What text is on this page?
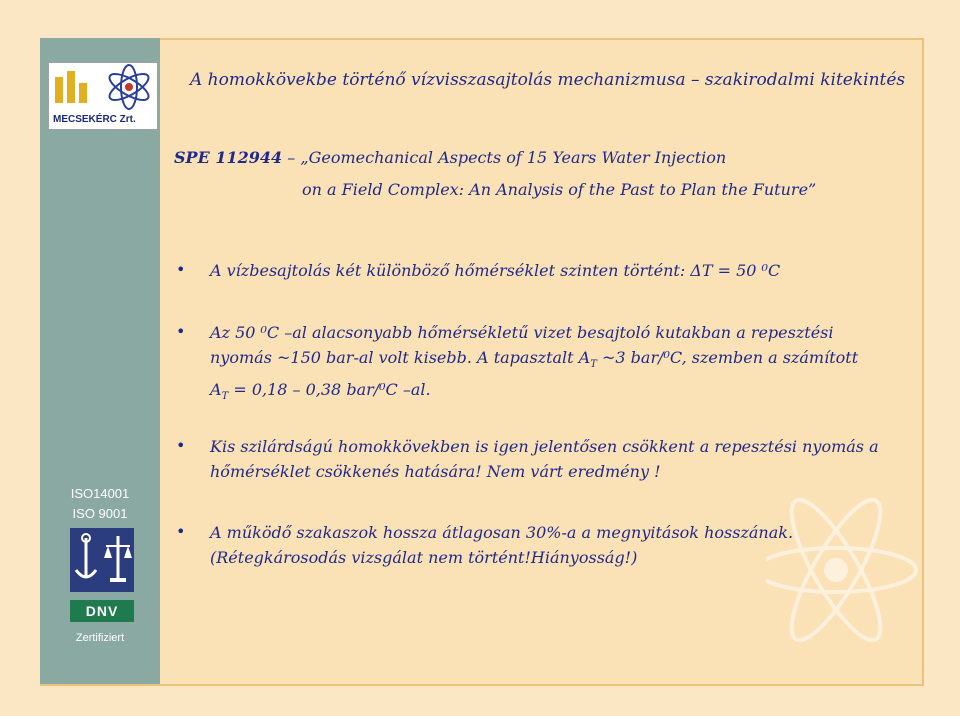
MECSEKÉRC Zrt.
A homokkövekbe történő vízvisszasajtolás mechanizmusa – szakirodalmi kitekintés
SPE 112944 – „Geomechanical Aspects of 15 Years Water Injection
on a Field Complex: An Analysis of the Past to Plan the Future”
• A vízbesajtolás két különböző hőmérséklet szinten történt: ΔT = 50 ⁰C
• Az 50 ⁰C –al alacsonyabb hőmérsékletű vizet besajtoló kutakban a repesztési
nyomás ~150 bar-al volt kisebb. A tapasztalt $A_T$ ~3 bar/⁰C, szemben a számított
$A_T = 0,18 - 0,38$ bar/⁰C –al.
• Kis szilárdságú homokkövekben is igen jelentősen csökkent a repesztési nyomás a
hőmérséklet csökkenés hatására! Nem várt eredmény !
• A működő szakaszok hossza átlagosan 30%-a a megnyitások hosszának.
(Rétegkárosodás vizsgálat nem történt!Hiányosság!)
ISO14001
ISO 9001
DNV
Zertifiziert
